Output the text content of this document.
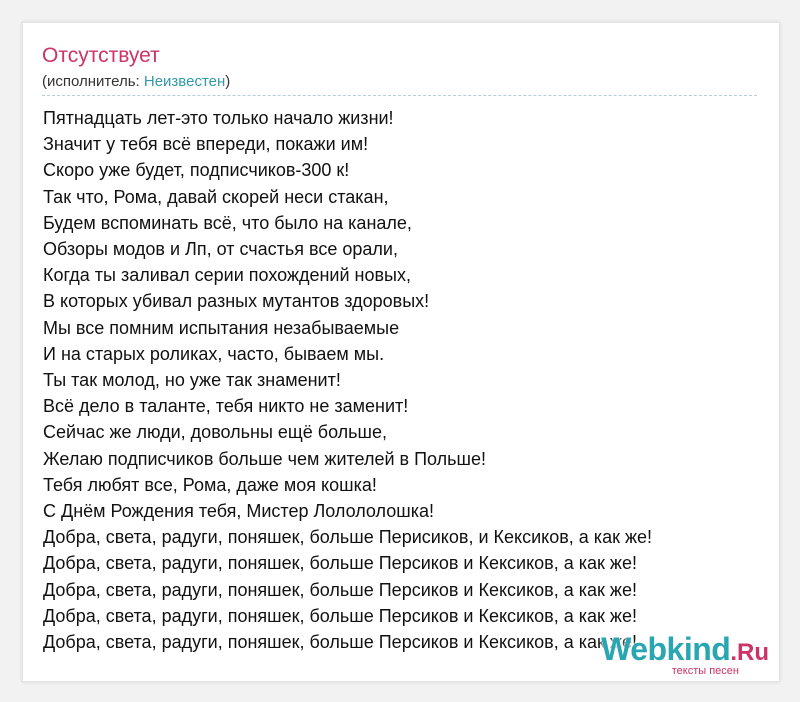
Отсутствует
(исполнитель: Неизвестен)
Пятнадцать лет-это только начало жизни!
Значит у тебя всё впереди, покажи им!
Скоро уже будет, подписчиков-300 к!
Так что, Рома, давай скорей неси стакан,
Будем вспоминать всё, что было на канале,
Обзоры модов и Лп, от счастья все орали,
Когда ты заливал серии похождений новых,
В которых убивал разных мутантов здоровых!
Мы все помним испытания незабываемые
И на старых роликах, часто, бываем мы.
Ты так молод, но уже так знаменит!
Всё дело в таланте, тебя никто не заменит!
Сейчас же люди, довольны ещё больше,
Желаю подписчиков больше чем жителей в Польше!
Тебя любят все, Рома, даже моя кошка!
С Днём Рождения тебя, Мистер Лолололошка!
Добра, света, радуги, поняшек, больше Перисиков, и Кексиков, а как же!
Добра, света, радуги, поняшек, больше Персиков и Кексиков, а как же!
Добра, света, радуги, поняшек, больше Персиков и Кексиков, а как же!
Добра, света, радуги, поняшек, больше Персиков и Кексиков, а как же!
Добра, света, радуги, поняшек, больше Персиков и Кексиков, а как же!
Webkind.Ru
тексты песен
